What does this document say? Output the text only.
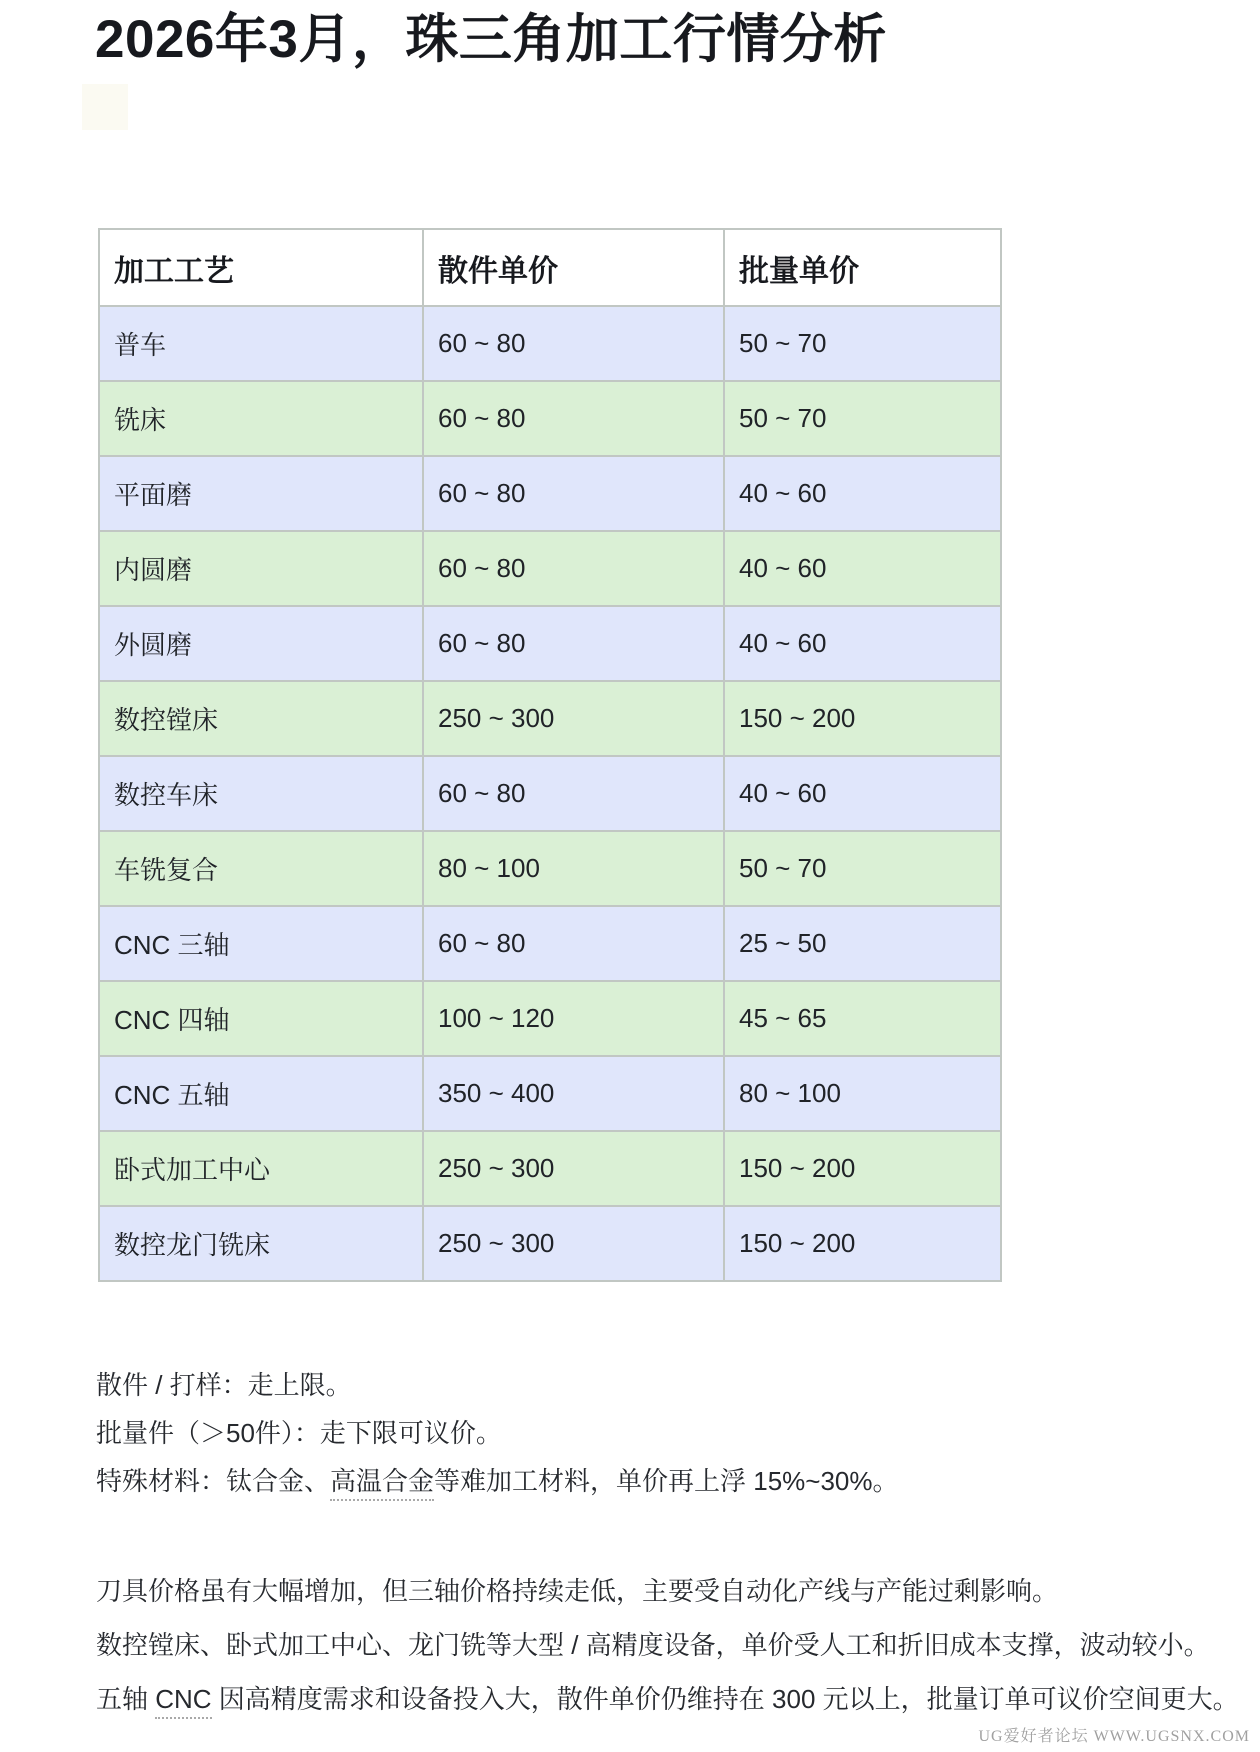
2026年3月，珠三角加工行情分析
加工工艺	散件单价	批量单价
普车	60 ~ 80	50 ~ 70
铣床	60 ~ 80	50 ~ 70
平面磨	60 ~ 80	40 ~ 60
内圆磨	60 ~ 80	40 ~ 60
外圆磨	60 ~ 80	40 ~ 60
数控镗床	250 ~ 300	150 ~ 200
数控车床	60 ~ 80	40 ~ 60
车铣复合	80 ~ 100	50 ~ 70
CNC 三轴	60 ~ 80	25 ~ 50
CNC 四轴	100 ~ 120	45 ~ 65
CNC 五轴	350 ~ 400	80 ~ 100
卧式加工中心	250 ~ 300	150 ~ 200
数控龙门铣床	250 ~ 300	150 ~ 200
散件 / 打样：走上限。
批量件（＞50件）：走下限可议价。
特殊材料：钛合金、高温合金等难加工材料，单价再上浮 15%~30%。
刀具价格虽有大幅增加，但三轴价格持续走低，主要受自动化产线与产能过剩影响。
数控镗床、卧式加工中心、龙门铣等大型 / 高精度设备，单价受人工和折旧成本支撑，波动较小。
五轴 CNC 因高精度需求和设备投入大，散件单价仍维持在 300 元以上，批量订单可议价空间更大。
UG爱好者论坛 WWW.UGSNX.COM
